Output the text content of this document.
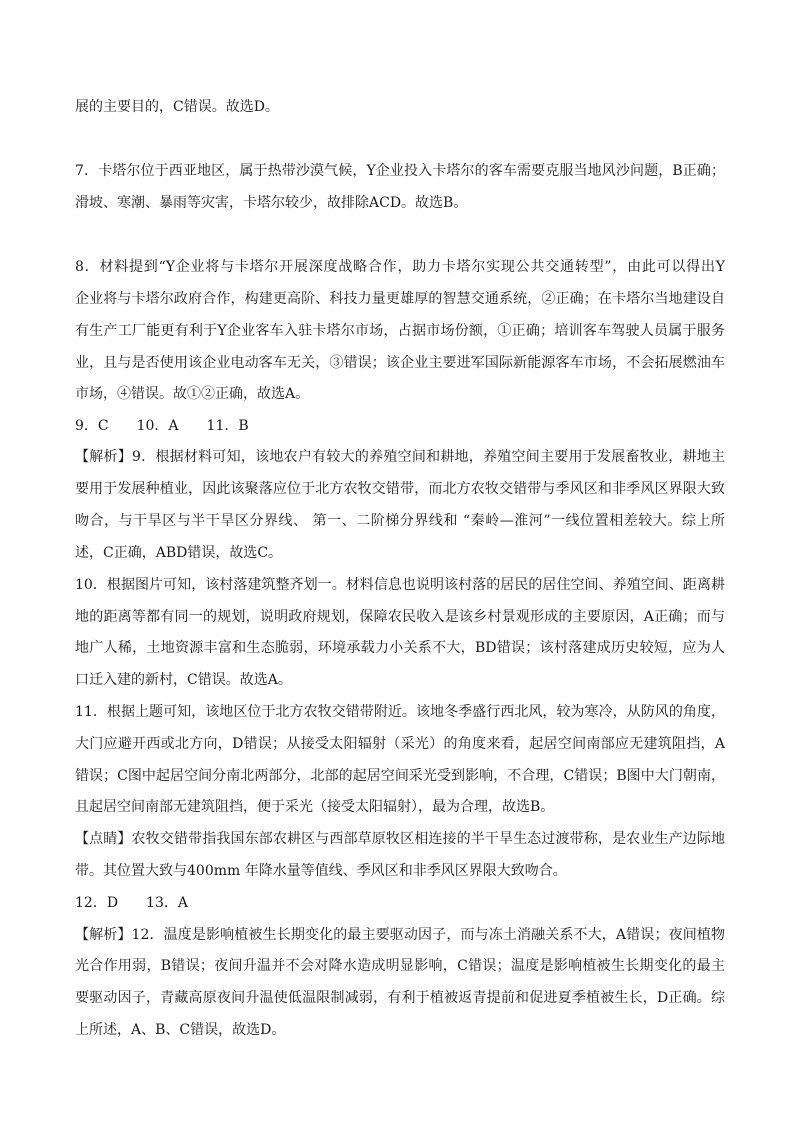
展的主要目的，C错误。故选D。
7．卡塔尔位于西亚地区，属于热带沙漠气候，Y企业投入卡塔尔的客车需要克服当地风沙问题，B正确；
滑坡、寒潮、暴雨等灾害，卡塔尔较少，故排除ACD。故选B。
8．材料提到“Y企业将与卡塔尔开展深度战略合作，助力卡塔尔实现公共交通转型”，由此可以得出Y
企业将与卡塔尔政府合作，构建更高阶、科技力量更雄厚的智慧交通系统，②正确；在卡塔尔当地建设自
有生产工厂能更有利于Y企业客车入驻卡塔尔市场，占据市场份额，①正确；培训客车驾驶人员属于服务
业，且与是否使用该企业电动客车无关，③错误；该企业主要进军国际新能源客车市场，不会拓展燃油车
市场，④错误。故①②正确，故选A。
9．C　　10．A　　11．B
【解析】9．根据材料可知，该地农户有较大的养殖空间和耕地，养殖空间主要用于发展畜牧业，耕地主
要用于发展种植业，因此该聚落应位于北方农牧交错带，而北方农牧交错带与季风区和非季风区界限大致
吻合，与干旱区与半干旱区分界线、 第一、二阶梯分界线和 “秦岭—淮河”一线位置相差较大。综上所
述，C正确，ABD错误，故选C。
10．根据图片可知，该村落建筑整齐划一。材料信息也说明该村落的居民的居住空间、养殖空间、距离耕
地的距离等都有同一的规划，说明政府规划，保障农民收入是该乡村景观形成的主要原因，A正确；而与
地广人稀，土地资源丰富和生态脆弱，环境承载力小关系不大，BD错误；该村落建成历史较短，应为人
口迁入建的新村，C错误。故选A。
11．根据上题可知，该地区位于北方农牧交错带附近。该地冬季盛行西北风，较为寒冷，从防风的角度，
大门应避开西或北方向，D错误；从接受太阳辐射（采光）的角度来看，起居空间南部应无建筑阻挡，A
错误；C图中起居空间分南北两部分，北部的起居空间采光受到影响，不合理，C错误；B图中大门朝南，
且起居空间南部无建筑阻挡，便于采光（接受太阳辐射），最为合理，故选B。
【点睛】农牧交错带指我国东部农耕区与西部草原牧区相连接的半干旱生态过渡带称，是农业生产边际地
带。其位置大致与400mm 年降水量等值线、季风区和非季风区界限大致吻合。
12．D　　13．A
【解析】12．温度是影响植被生长期变化的最主要驱动因子，而与冻土消融关系不大，A错误；夜间植物
光合作用弱，B错误；夜间升温并不会对降水造成明显影响，C错误；温度是影响植被生长期变化的最主
要驱动因子，青藏高原夜间升温使低温限制减弱，有利于植被返青提前和促进夏季植被生长，D正确。综
上所述，A、B、C错误，故选D。
